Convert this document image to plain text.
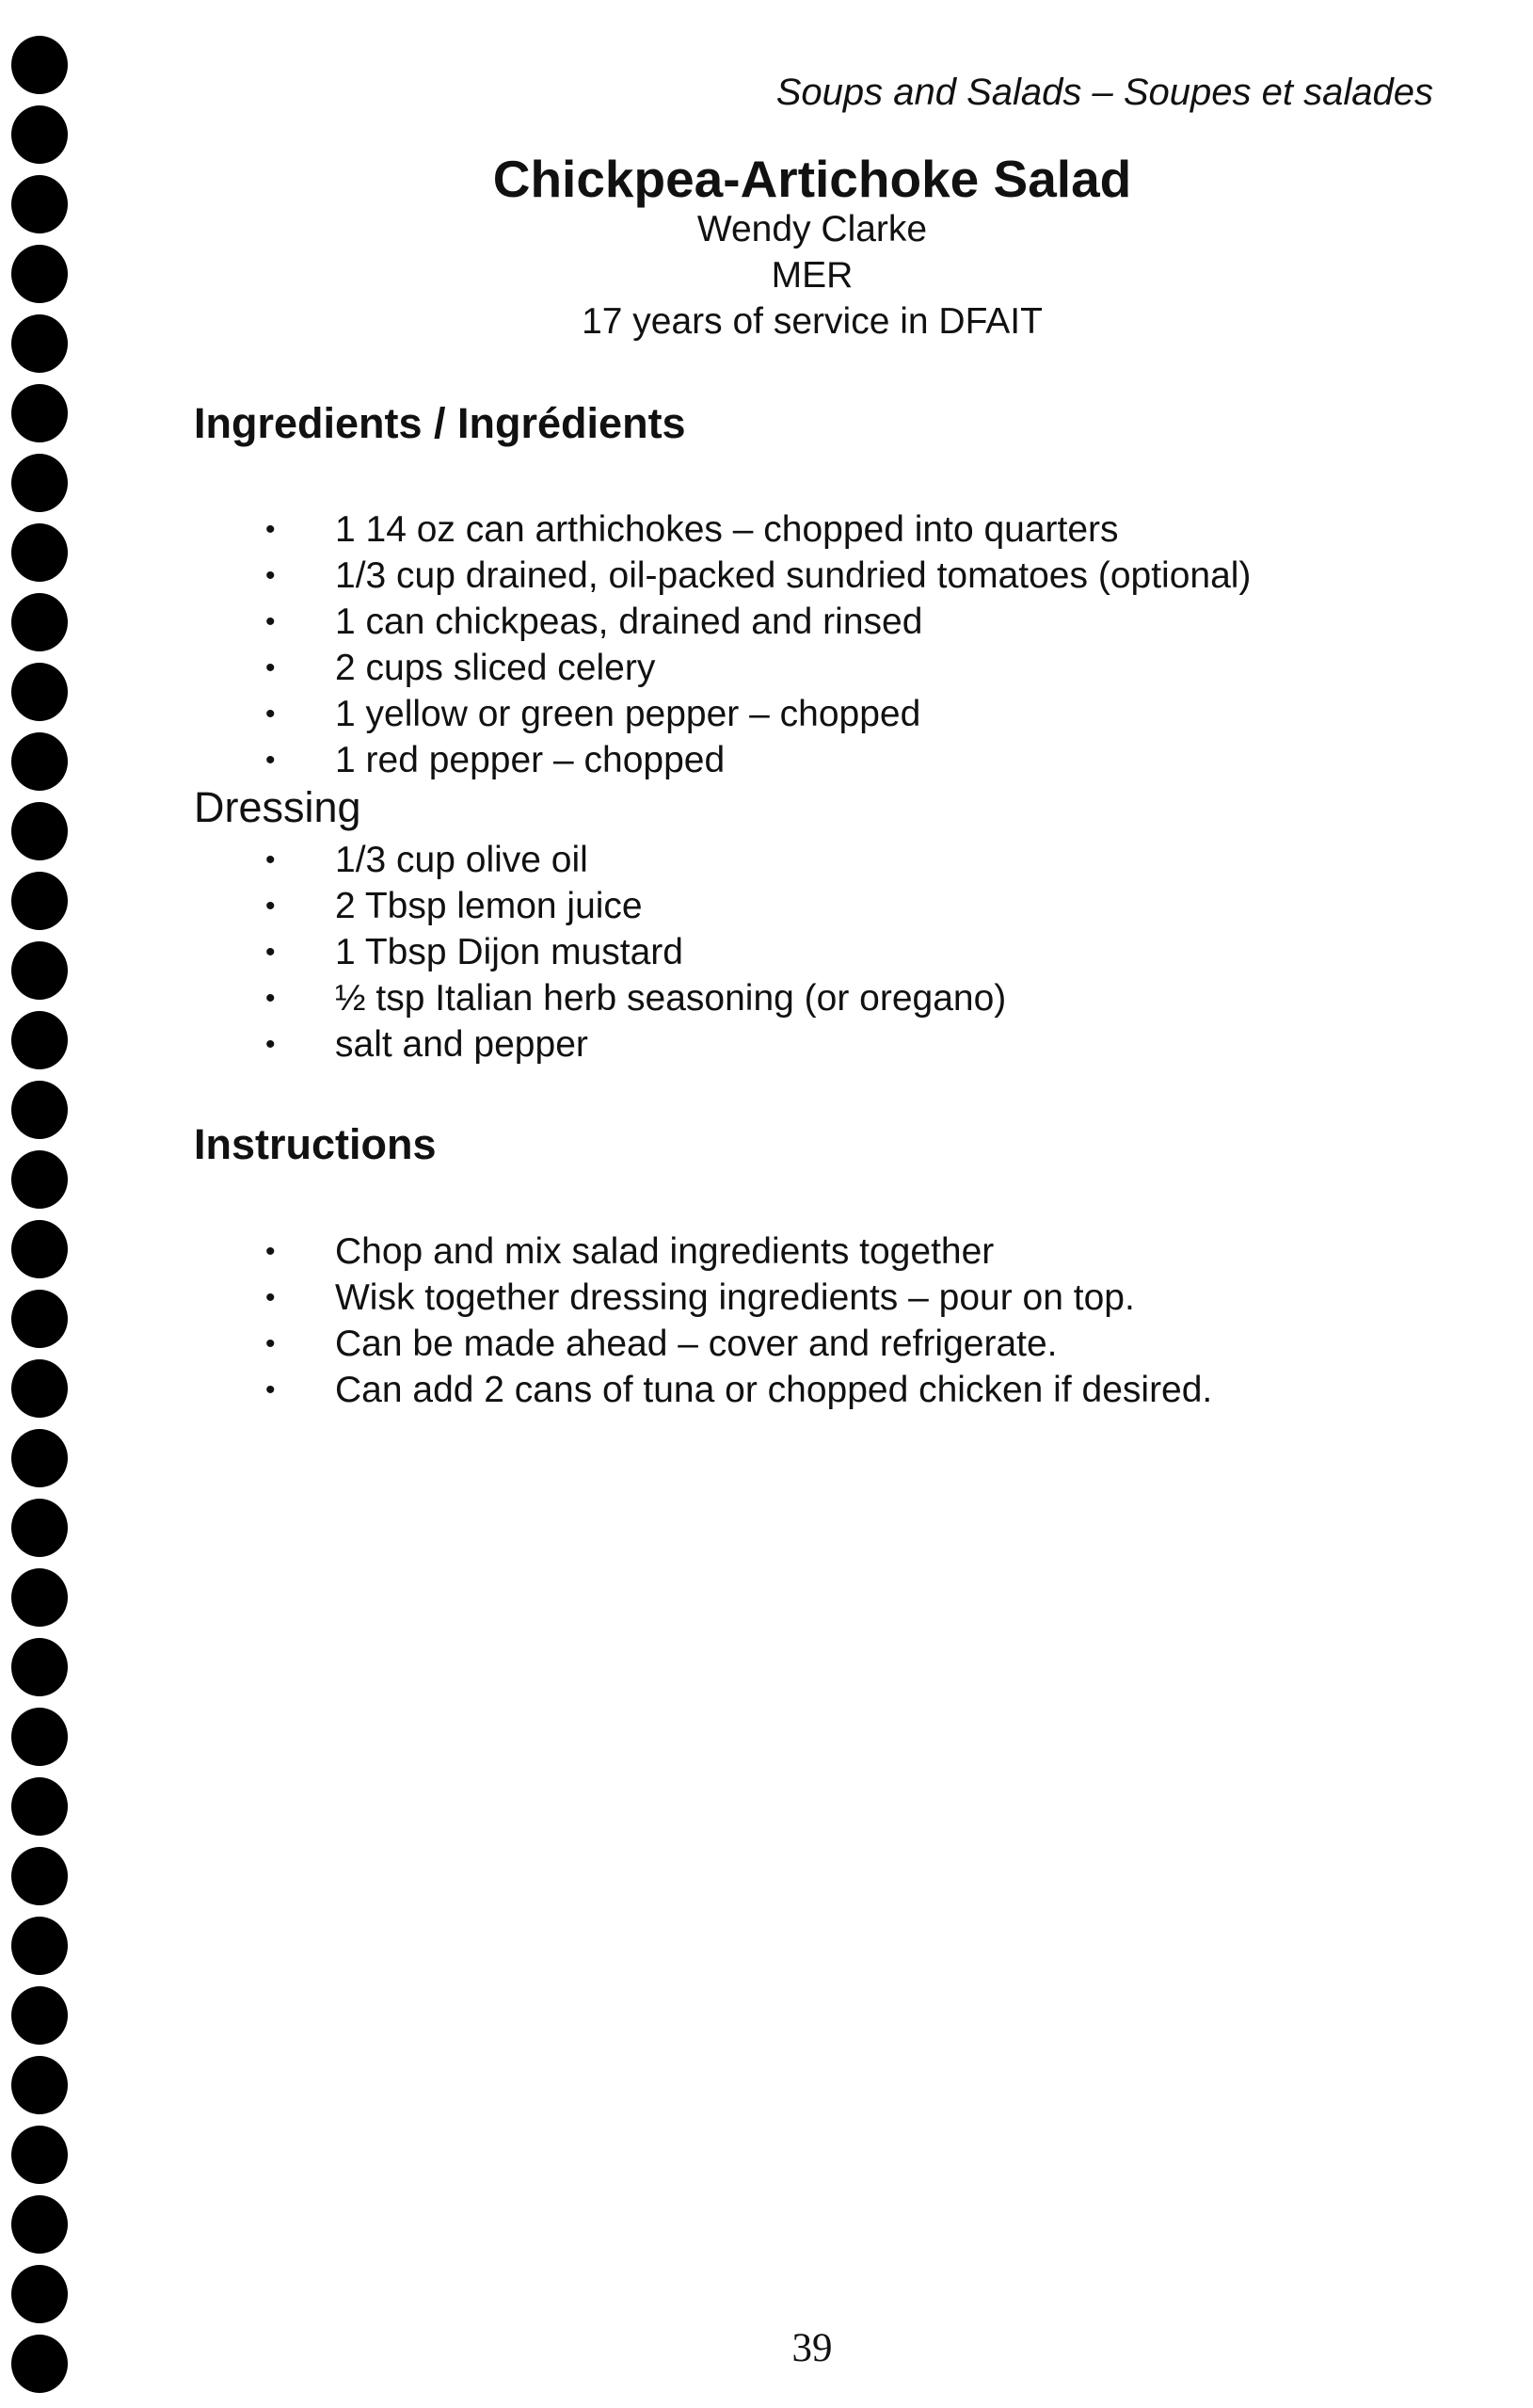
Soups and Salads – Soupes et salades
Chickpea-Artichoke Salad
Wendy Clarke
MER
17 years of service in DFAIT
Ingredients / Ingrédients
• 1 14 oz can arthichokes – chopped into quarters
• 1/3 cup drained, oil-packed sundried tomatoes (optional)
• 1 can chickpeas, drained and rinsed
• 2 cups sliced celery
• 1 yellow or green pepper – chopped
• 1 red pepper – chopped
Dressing
• 1/3 cup olive oil
• 2 Tbsp lemon juice
• 1 Tbsp Dijon mustard
• ½ tsp Italian herb seasoning (or oregano)
• salt and pepper
Instructions
• Chop and mix salad ingredients together
• Wisk together dressing ingredients – pour on top.
• Can be made ahead – cover and refrigerate.
• Can add 2 cans of tuna or chopped chicken if desired.
39
